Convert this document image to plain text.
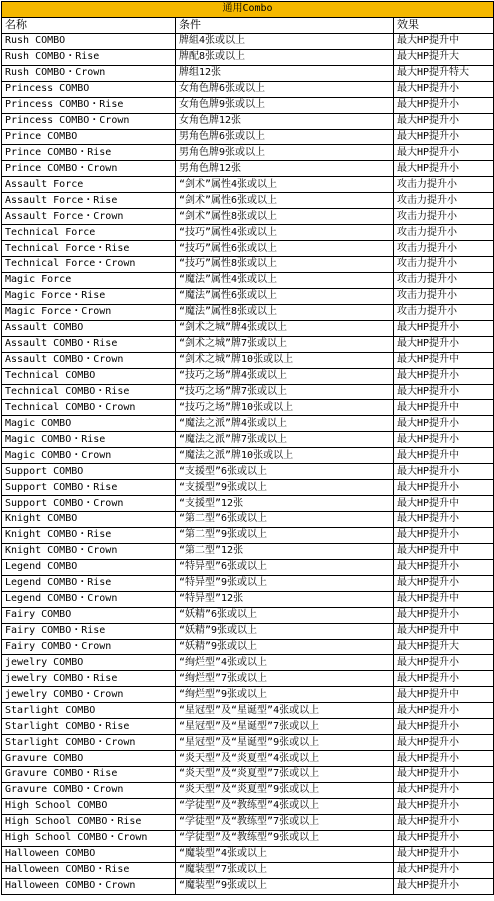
通用Combo		
名称	条件	效果
Rush COMBO	牌組4张或以上	最大HP提升中
Rush COMBO・Rise	牌配8张或以上	最大HP提升大
Rush COMBO・Crown	牌组12张	最大HP提升特大
Princess COMBO	女角色牌6张或以上	最大HP提升小
Princess COMBO・Rise	女角色牌9张或以上	最大HP提升小
Princess COMBO・Crown	女角色牌12张	最大HP提升小
Prince COMBO	男角色牌6张或以上	最大HP提升小
Prince COMBO・Rise	男角色牌9张或以上	最大HP提升小
Prince COMBO・Crown	男角色牌12张	最大HP提升小
Assault Force	“剑术”属性4张或以上	攻击力提升小
Assault Force・Rise	“剑术”属性6张或以上	攻击力提升小
Assault Force・Crown	“剑术”属性8张或以上	攻击力提升小
Technical Force	“技巧”属性4张或以上	攻击力提升小
Technical Force・Rise	“技巧”属性6张或以上	攻击力提升小
Technical Force・Crown	“技巧”属性8张或以上	攻击力提升小
Magic Force	“魔法”属性4张或以上	攻击力提升小
Magic Force・Rise	“魔法”属性6张或以上	攻击力提升小
Magic Force・Crown	“魔法”属性8张或以上	攻击力提升小
Assault COMBO	“剑术之城”牌4张或以上	最大HP提升小
Assault COMBO・Rise	“剑术之城”牌7张或以上	最大HP提升小
Assault COMBO・Crown	“剑术之城”牌10张或以上	最大HP提升中
Technical COMBO	“技巧之场”牌4张或以上	最大HP提升小
Technical COMBO・Rise	“技巧之场”牌7张或以上	最大HP提升小
Technical COMBO・Crown	“技巧之场”牌10张或以上	最大HP提升中
Magic COMBO	“魔法之派”牌4张或以上	最大HP提升小
Magic COMBO・Rise	“魔法之派”牌7张或以上	最大HP提升小
Magic COMBO・Crown	“魔法之派”牌10张或以上	最大HP提升中
Support COMBO	“支援型”6张或以上	最大HP提升小
Support COMBO・Rise	“支援型”9张或以上	最大HP提升小
Support COMBO・Crown	“支援型”12张	最大HP提升中
Knight COMBO	“第二型”6张或以上	最大HP提升小
Knight COMBO・Rise	“第二型”9张或以上	最大HP提升小
Knight COMBO・Crown	“第二型”12张	最大HP提升中
Legend COMBO	“特异型”6张或以上	最大HP提升小
Legend COMBO・Rise	“特异型”9张或以上	最大HP提升小
Legend COMBO・Crown	“特异型”12张	最大HP提升中
Fairy COMBO	“妖精”6张或以上	最大HP提升小
Fairy COMBO・Rise	“妖精”9张或以上	最大HP提升中
Fairy COMBO・Crown	“妖精”9张或以上	最大HP提升大
jewelry COMBO	“绚烂型”4张或以上	最大HP提升小
jewelry COMBO・Rise	“绚烂型”7张或以上	最大HP提升小
jewelry COMBO・Crown	“绚烂型”9张或以上	最大HP提升中
Starlight COMBO	“星冠型”及“星诞型”4张或以上	最大HP提升小
Starlight COMBO・Rise	“星冠型”及“星诞型”7张或以上	最大HP提升小
Starlight COMBO・Crown	“星冠型”及“星诞型”9张或以上	最大HP提升小
Gravure COMBO	“炎天型”及“炎夏型”4张或以上	最大HP提升小
Gravure COMBO・Rise	“炎天型”及“炎夏型”7张或以上	最大HP提升小
Gravure COMBO・Crown	“炎天型”及“炎夏型”9张或以上	最大HP提升小
High School COMBO	“学徒型”及“教练型”4张或以上	最大HP提升小
High School COMBO・Rise	“学徒型”及“教练型”7张或以上	最大HP提升小
High School COMBO・Crown	“学徒型”及“教练型”9张或以上	最大HP提升小
Halloween COMBO	“魔装型”4张或以上	最大HP提升小
Halloween COMBO・Rise	“魔装型”7张或以上	最大HP提升小
Halloween COMBO・Crown	“魔装型”9张或以上	最大HP提升小
